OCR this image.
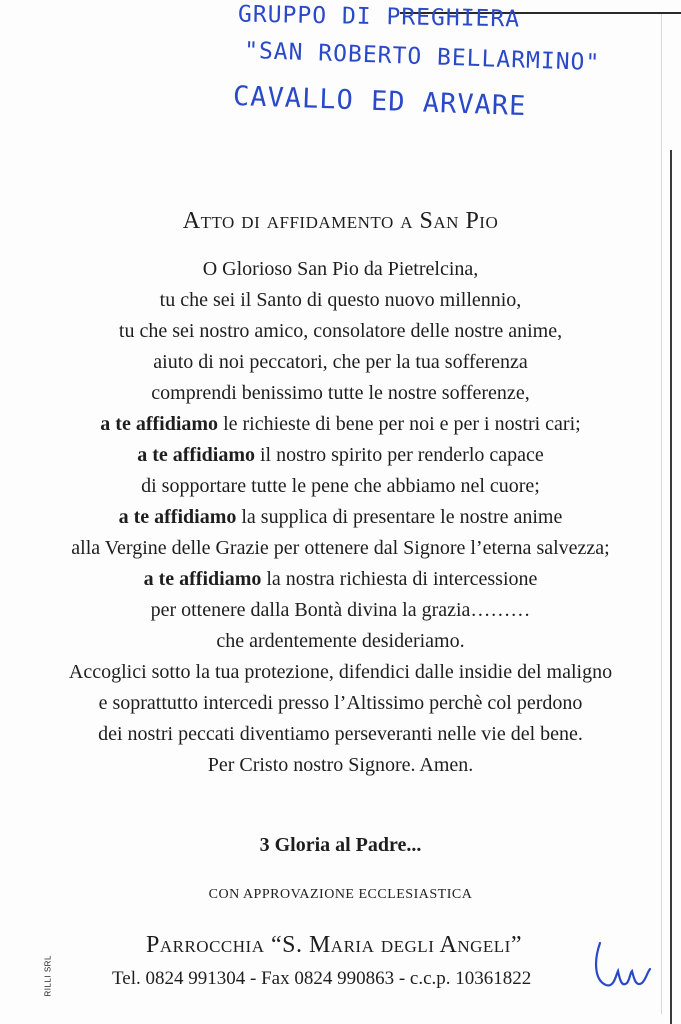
GRUPPO DI PREGHIERA
"SAN ROBERTO BELLARMINO"
CAVALLO ED ARVARE
Atto di affidamento a San Pio
O Glorioso San Pio da Pietrelcina,
tu che sei il Santo di questo nuovo millennio,
tu che sei nostro amico, consolatore delle nostre anime,
aiuto di noi peccatori, che per la tua sofferenza
comprendi benissimo tutte le nostre sofferenze,
a te affidiamo le richieste di bene per noi e per i nostri cari;
a te affidiamo il nostro spirito per renderlo capace
di sopportare tutte le pene che abbiamo nel cuore;
a te affidiamo la supplica di presentare le nostre anime
alla Vergine delle Grazie per ottenere dal Signore l’eterna salvezza;
a te affidiamo la nostra richiesta di intercessione
per ottenere dalla Bontà divina la grazia………
che ardentemente desideriamo.
Accoglici sotto la tua protezione, difendici dalle insidie del maligno
e soprattutto intercedi presso l’Altissimo perchè col perdono
dei nostri peccati diventiamo perseveranti nelle vie del bene.
Per Cristo nostro Signore. Amen.
3 Gloria al Padre...
CON APPROVAZIONE ECCLESIASTICA
RILLI SRL
Parrocchia “S. Maria degli Angeli”
Tel. 0824 991304 - Fax 0824 990863 - c.c.p. 10361822
